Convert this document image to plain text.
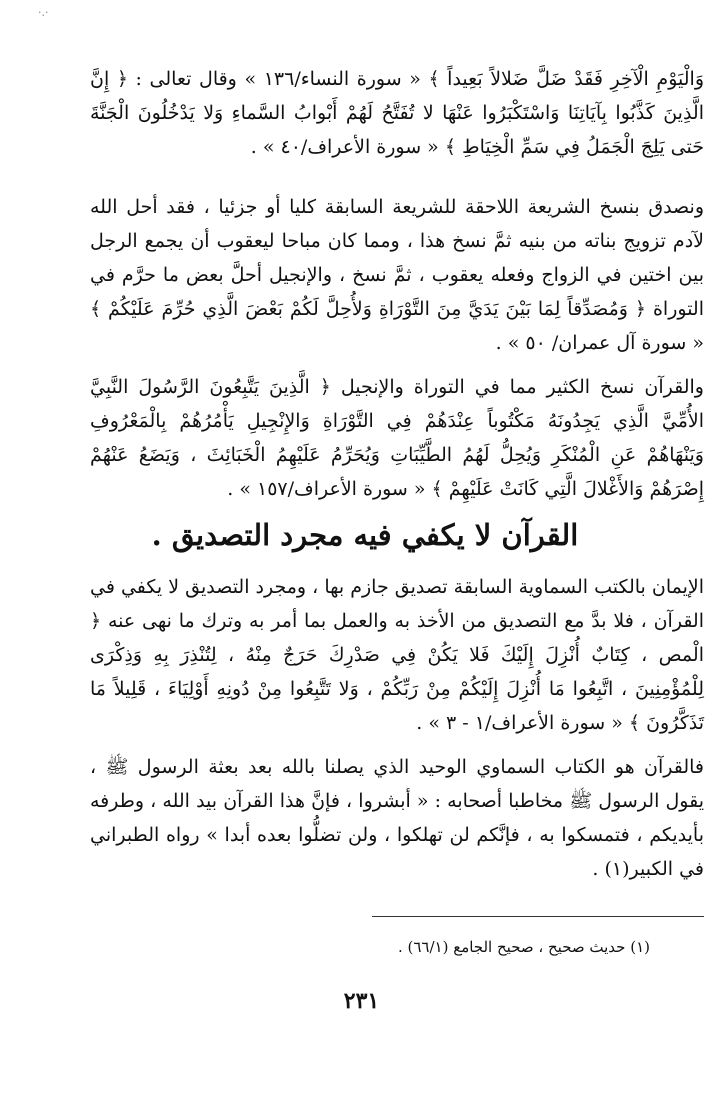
·.·

وَالْيَوْمِ الْآخِرِ فَقَدْ ضَلَّ ضَلالاً بَعِيداً ﴾ « سورة النساء/١٣٦ » وقال تعالى : ﴿ إِنَّ الَّذِينَ كَذَّبُوا بِآيَاتِنَا وَاسْتَكْبَرُوا عَنْهَا لا تُفَتَّحُ لَهُمْ أَبْوابُ السَّماءِ وَلا يَدْخُلُونَ الْجَنَّةَ حَتى يَلِجَ الْجَمَلُ فِي سَمِّ الْخِيَاطِ ﴾ « سورة الأعراف/٤٠ » .

ونصدق بنسخ الشريعة اللاحقة للشريعة السابقة كليا أو جزئيا ، فقد أحل الله لآدم تزويج بناته من بنيه ثمَّ نسخ هذا ، ومما كان مباحا ليعقوب أن يجمع الرجل بين اختين في الزواج وفعله يعقوب ، ثمَّ نسخ ، والإنجيل أحلَّ بعض ما حرَّم في التوراة ﴿ وَمُصَدِّقاً لِمَا بَيْنَ يَدَيَّ مِنَ التَّوْرَاةِ وَلأُحِلَّ لَكُمْ بَعْضَ الَّذِي حُرِّمَ عَلَيْكُمْ ﴾ « سورة آل عمران/ ٥٠ » .

والقرآن نسخ الكثير مما في التوراة والإنجيل ﴿ الَّذِينَ يَتَّبِعُونَ الرَّسُولَ النَّبِيَّ الأُمِّيَّ الَّذِي يَجِدُونَهُ مَكْتُوباً عِنْدَهُمْ فِي التَّوْرَاةِ وَالإِنْجِيلِ يَأْمُرُهُمْ بِالْمَعْرُوفِ وَيَنْهَاهُمْ عَنِ الْمُنْكَرِ وَيُحِلُّ لَهُمُ الطَّيِّبَاتِ وَيُحَرِّمُ عَلَيْهِمُ الْخَبَائِثَ ، وَيَضَعُ عَنْهُمْ إِصْرَهُمْ وَالأَغْلالَ الَّتِي كَانَتْ عَلَيْهِمْ ﴾ « سورة الأعراف/١٥٧ » .

القرآن لا يكفي فيه مجرد التصديق .

الإيمان بالكتب السماوية السابقة تصديق جازم بها ، ومجرد التصديق لا يكفي في القرآن ، فلا بدَّ مع التصديق من الأخذ به والعمل بما أمر به وترك ما نهى عنه ﴿ الْمص ، كِتَابٌ أُنْزِلَ إِلَيْكَ فَلا يَكُنْ فِي صَدْرِكَ حَرَجٌ مِنْهُ ، لِتُنْذِرَ بِهِ وَذِكْرَى لِلْمُؤْمِنِينَ ، اتَّبِعُوا مَا أُنْزِلَ إِلَيْكُمْ مِنْ رَبِّكُمْ ، وَلا تَتَّبِعُوا مِنْ دُونِهِ أَوْلِيَاءَ ، قَلِيلاً مَا تَذَكَّرُونَ ﴾ « سورة الأعراف/١ - ٣ » .

فالقرآن هو الكتاب السماوي الوحيد الذي يصلنا بالله بعد بعثة الرسول ﷺ ، يقول الرسول ﷺ مخاطبا أصحابه : « أبشروا ، فإنَّ هذا القرآن بيد الله ، وطرفه بأيديكم ، فتمسكوا به ، فإنَّكم لن تهلكوا ، ولن تضلُّوا بعده أبدا » رواه الطبراني في الكبير(١) .

(١) حديث صحيح ، صحيح الجامع (٦٦/١) .
٢٣١
